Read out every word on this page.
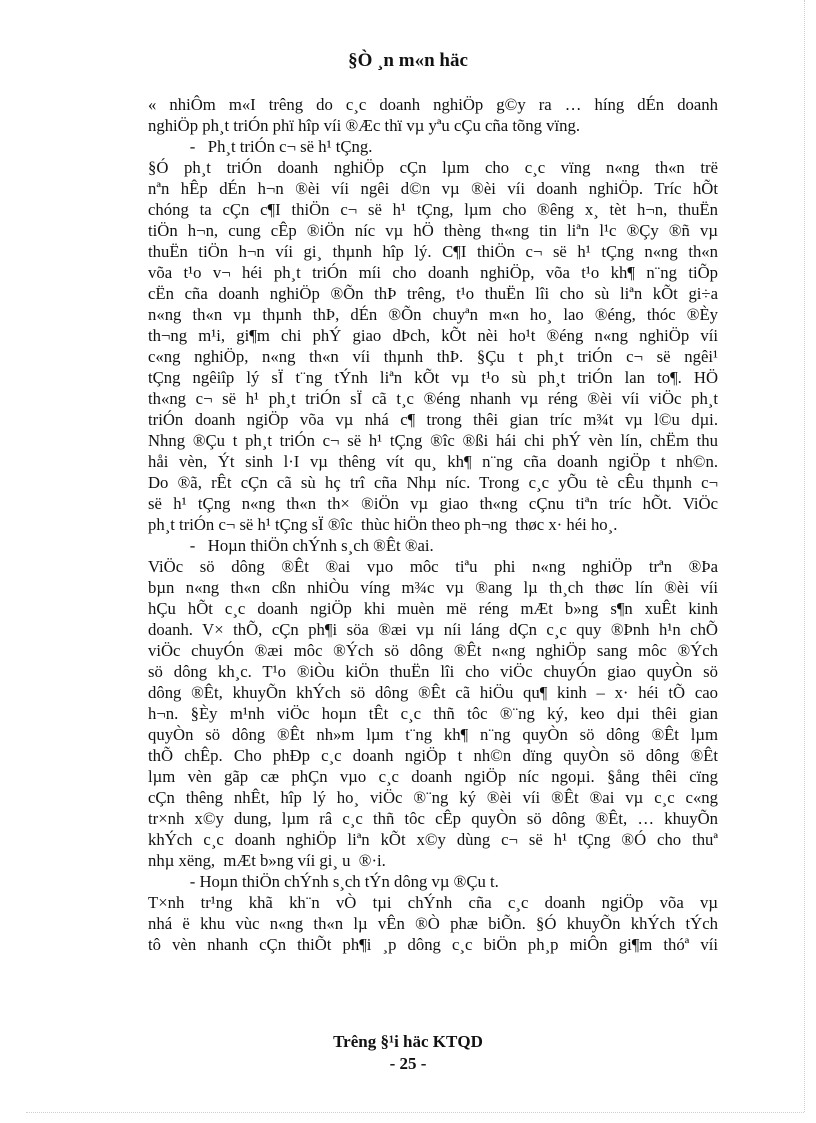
§Ò ¸n m«n häc
« nhiÔm m«I trêng do c¸c doanh nghiÖp g©y ra … híng dÉn doanh
nghiÖp ph¸t triÓn phï hîp víi ®Æc thï vµ yªu cÇu cña tõng vïng.
-   Ph¸t triÓn c¬ së h¹ tÇng.
§Ó ph¸t triÓn doanh nghiÖp cÇn lµm cho c¸c vïng n«ng th«n trë
nªn hÊp dÉn h¬n ®èi víi ngêi d©n vµ ®èi víi doanh nghiÖp. Tríc hÕt
chóng ta cÇn c¶I thiÖn c¬ së h¹ tÇng, lµm cho ®êng x¸ tèt h¬n, thuËn
tiÖn h¬n, cung cÊp ®iÖn níc vµ hÖ thèng th«ng tin liªn l¹c ®Çy ®ñ vµ
thuËn tiÖn h¬n víi gi¸ thµnh hîp lý. C¶I thiÖn c¬ së h¹ tÇng n«ng th«n
võa t¹o v¬ héi ph¸t triÓn míi cho doanh nghiÖp, võa t¹o kh¶ n¨ng tiÕp
cËn cña doanh nghiÖp ®Õn thÞ trêng, t¹o thuËn lîi cho sù liªn kÕt gi÷a
n«ng th«n vµ thµnh thÞ, dÉn ®Õn chuyªn m«n ho¸ lao ®éng, thóc ®Èy
th¬ng m¹i, gi¶m chi phÝ giao dÞch, kÕt nèi ho¹t ®éng n«ng nghiÖp víi
c«ng nghiÖp, n«ng th«n víi thµnh thÞ. §Çu t ph¸t triÓn c¬ së ngêi¹
tÇng ngêiîp lý sÏ t¨ng tÝnh liªn kÕt vµ t¹o sù ph¸t triÓn lan to¶. HÖ
th«ng c¬ së h¹ ph¸t triÓn sÏ cã t¸c ®éng nhanh vµ réng ®èi víi viÖc ph¸t
triÓn doanh ngiÖp võa vµ nhá c¶ trong thêi gian tríc m¾t vµ l©u dµi.
Nhng ®Çu t ph¸t triÓn c¬ së h¹ tÇng ®îc ®ßi hái chi phÝ vèn lín, chËm thu
håi vèn, Ýt sinh l·I vµ thêng vít qu¸ kh¶ n¨ng cña doanh ngiÖp t nh©n.
Do ®ã, rÊt cÇn cã sù hç trî cña Nhµ níc. Trong c¸c yÕu tè cÊu thµnh c¬
së h¹ tÇng n«ng th«n th× ®iÖn vµ giao th«ng cÇnu tiªn tríc hÕt. ViÖc
ph¸t triÓn c¬ së h¹ tÇng sÏ ®îc  thùc hiÖn theo ph¬ng  thøc x· héi ho¸.
-   Hoµn thiÖn chÝnh s¸ch ®Êt ®ai.
ViÖc sö dông ®Êt ®ai vµo môc tiªu phi n«ng nghiÖp trªn ®Þa
bµn n«ng th«n cßn nhiÒu víng m¾c vµ ®ang lµ th¸ch thøc lín ®èi víi
hÇu hÕt c¸c doanh ngiÖp khi muèn më réng mÆt b»ng s¶n xuÊt kinh
doanh. V× thÕ, cÇn ph¶i söa ®æi vµ níi láng dÇn c¸c quy ®Þnh h¹n chÕ
viÖc chuyÓn ®æi môc ®Ých sö dông ®Êt n«ng nghiÖp sang môc ®Ých
sö dông kh¸c. T¹o ®iÒu kiÖn thuËn lîi cho viÖc chuyÓn giao quyÒn sö
dông ®Êt, khuyÕn khÝch sö dông ®Êt cã hiÖu qu¶ kinh – x· héi tÕ cao
h¬n. §Èy m¹nh viÖc hoµn tÊt c¸c thñ tôc ®¨ng ký, keo dµi thêi gian
quyÒn sö dông ®Êt nh»m lµm t¨ng kh¶ n¨ng quyÒn sö dông ®Êt lµm
thÕ chÊp. Cho phÐp c¸c doanh ngiÖp t nh©n dïng quyÒn sö dông ®Êt
lµm vèn gãp cæ phÇn vµo c¸c doanh ngiÖp níc ngoµi. §ång thêi cïng
cÇn thêng nhÊt, hîp lý ho¸ viÖc ®¨ng ký ®èi víi ®Êt ®ai vµ c¸c c«ng
tr×nh x©y dung, lµm râ c¸c thñ tôc cÊp quyÒn sö dông ®Êt, … khuyÕn
khÝch c¸c doanh nghiÖp liªn kÕt x©y dùng c¬ së h¹ tÇng ®Ó cho thuª
nhµ xëng,  mÆt b»ng víi gi¸ u  ®·i.
- Hoµn thiÖn chÝnh s¸ch tÝn dông vµ ®Çu t.
T×nh tr¹ng khã kh¨n vÒ tµi chÝnh cña c¸c doanh ngiÖp võa vµ
nhá ë khu vùc n«ng th«n lµ vÊn ®Ò phæ biÕn. §Ó khuyÕn khÝch tÝch
tô vèn nhanh cÇn thiÕt ph¶i ¸p dông c¸c biÖn ph¸p miÔn gi¶m thóª víi
Trêng §¹i häc KTQD
- 25 -
